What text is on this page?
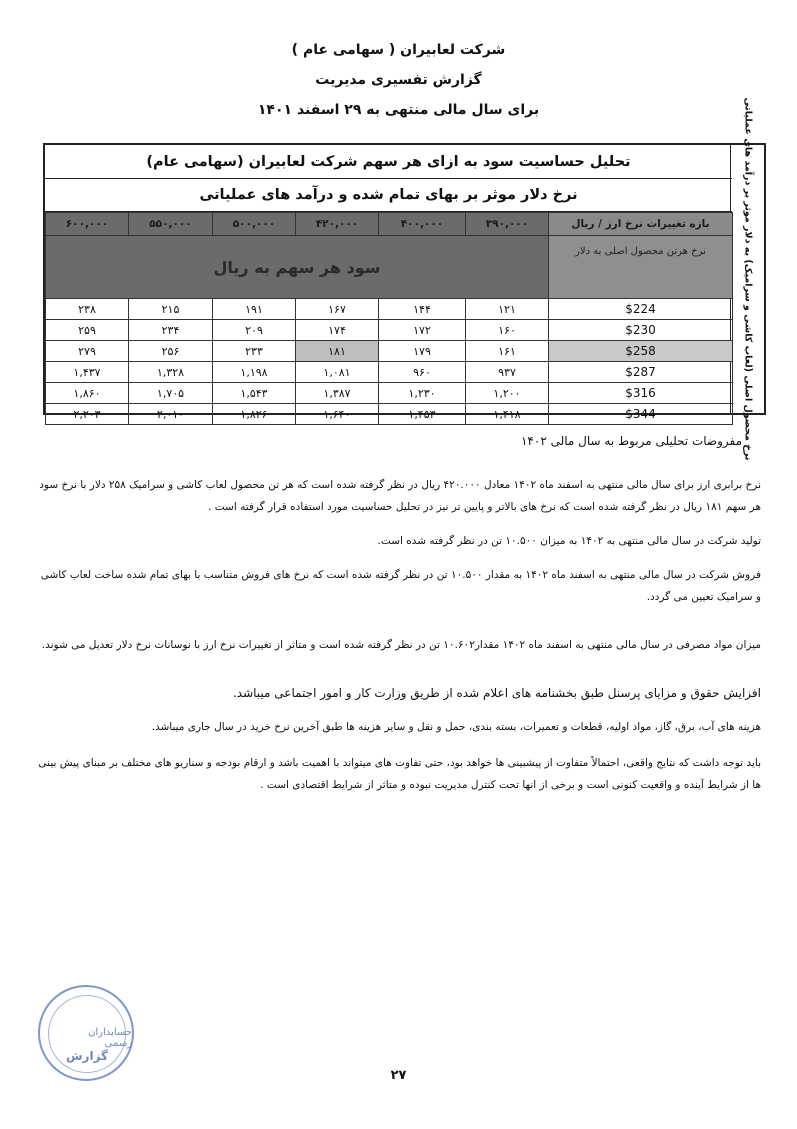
شرکت لعابیران ( سهامی عام )
گزارش تفسیری مدیریت
برای سال مالی منتهی به ۲۹ اسفند ۱۴۰۱	نرخ محصول اصلی (لعاب کاشی و سرامیک) به دلار موثر بر درآمد های عملیاتی
تحلیل حساسیت سود به ازای هر سهم شرکت لعابیران (سهامی عام)
نرخ دلار موثر بر بهای تمام شده و درآمد های عملیاتی
۶۰۰,۰۰۰	۵۵۰,۰۰۰	۵۰۰,۰۰۰	۴۲۰,۰۰۰	۴۰۰,۰۰۰	۳۹۰,۰۰۰	بازه تغییرات نرخ ارز / ریال
سود هر سهم به ریال						نرخ هرتن محصول اصلی به دلار
۲۳۸	۲۱۵	۱۹۱	۱۶۷	۱۴۴	۱۲۱	$224
۲۵۹	۲۳۴	۲۰۹	۱۷۴	۱۷۲	۱۶۰	$230
۲۷۹	۲۵۶	۲۳۳	۱۸۱	۱۷۹	۱۶۱	$258
۱,۴۳۷	۱,۳۲۸	۱,۱۹۸	۱,۰۸۱	۹۶۰	۹۳۷	$287
۱,۸۶۰	۱,۷۰۵	۱,۵۴۳	۱,۳۸۷	۱,۲۳۰	۱,۲۰۰	$316
۲,۲۰۳	۲,۰۱۰	۱,۸۲۶	۱,۶۴۰	۱,۴۵۳	۱,۴۱۸	$344
مفروضات تحلیلی مربوط به سال مالی ۱۴۰۲
نرخ برابری ارز برای سال مالی منتهی به اسفند ماه ۱۴۰۲ معادل ۴۲۰.۰۰۰ ریال در نظر گرفته شده است که هر تن محصول لعاب کاشی و سرامیک ۲۵۸ دلار با نرخ سود هر سهم ۱۸۱ ریال در نظر گرفته شده است که نرخ های بالاتر و پایین تر نیز در تحلیل حساسیت مورد استفاده قرار گرفته است .
تولید شرکت در سال مالی منتهی به ۱۴۰۲ به میزان ۱۰.۵۰۰ تن در نظر گرفته شده است.
فروش شرکت در سال مالی منتهی به اسفند ماه ۱۴۰۲ به مقدار ۱۰.۵۰۰ تن در نظر گرفته شده است که نرخ های فروش متناسب با بهای تمام شده ساخت لعاب کاشی و سرامیک تعیین می گردد.
میزان مواد مصرفی در سال مالی منتهی به اسفند ماه ۱۴۰۲ مقدار۱۰.۶۰۲ تن در نظر گرفته شده است و متاثر از تغییرات نرخ ارز با نوسانات نرخ دلار تعدیل می شوند.
افزایش حقوق و مزایای پرسنل طبق بخشنامه های اعلام شده از طریق وزارت کار و امور اجتماعی میباشد.
هزینه های آب، برق، گاز، مواد اولیه، قطعات و تعمیرات، بسته بندی، حمل و نقل و سایر هزینه ها طبق آخرین نرخ خرید در سال جاری میباشد.
باید توجه داشت که نتایج واقعی، احتمالاً متفاوت از پیشبینی ها خواهد بود، حتی تفاوت های میتواند با اهمیت باشد و ارقام بودجه و سناریو های مختلف بر مبنای پیش بینی ها از شرایط آینده و واقعیت کنونی است و برخی از انها تحت کنترل مدیریت نبوده و متاثر از شرایط اقتصادی است .
حسابداران رسمی
گزارش
۲۷
